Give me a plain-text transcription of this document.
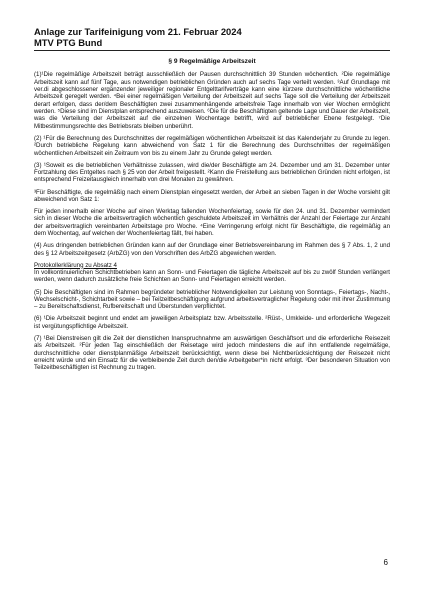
Anlage zur Tarifeinigung vom 21. Februar 2024
MTV PTG Bund

§ 9 Regelmäßige Arbeitszeit

(1)¹Die regelmäßige Arbeitszeit beträgt ausschließlich der Pausen durchschnittlich 39 Stunden wöchentlich. ²Die regelmäßige Arbeitszeit kann auf fünf Tage, aus notwendigen betrieblichen Gründen auch auf sechs Tage verteilt werden. ³Auf Grundlage mit ver.di abgeschlossener ergänzender jeweiliger regionaler Entgelttarifverträge kann eine kürzere durchschnittliche wöchentliche Arbeitszeit geregelt werden. ⁴Bei einer regelmäßigen Verteilung der Arbeitszeit auf sechs Tage soll die Verteilung der Arbeitszeit derart erfolgen, dass der/dem Beschäftigten zwei zusammenhängende arbeitsfreie Tage innerhalb von vier Wochen ermöglicht werden. ⁵Diese sind im Dienstplan entsprechend auszuweisen. ⁶Die für die Beschäftigten geltende Lage und Dauer der Arbeitszeit, was die Verteilung der Arbeitszeit auf die einzelnen Wochentage betrifft, wird auf betrieblicher Ebene festgelegt. ⁷Die Mitbestimmungsrechte des Betriebsrats bleiben unberührt.

(2) ¹Für die Berechnung des Durchschnittes der regelmäßigen wöchentlichen Arbeitszeit ist das Kalenderjahr zu Grunde zu legen. ²Durch betriebliche Regelung kann abweichend von Satz 1 für die Berechnung des Durchschnittes der regelmäßigen wöchentlichen Arbeitszeit ein Zeitraum von bis zu einem Jahr zu Grunde gelegt werden.

(3) ¹Soweit es die betrieblichen Verhältnisse zulassen, wird die/der Beschäftigte am 24. Dezember und am 31. Dezember unter Fortzahlung des Entgeltes nach § 25 von der Arbeit freigestellt. ²Kann die Freistellung aus betrieblichen Gründen nicht erfolgen, ist entsprechend Freizeitausgleich innerhalb von drei Monaten zu gewähren.

³Für Beschäftigte, die regelmäßig nach einem Dienstplan eingesetzt werden, der Arbeit an sieben Tagen in der Woche vorsieht gilt abweichend von Satz 1:

Für jeden innerhalb einer Woche auf einen Werktag fallenden Wochenfeiertag, sowie für den 24. und 31. Dezember vermindert sich in dieser Woche die arbeitsvertraglich wöchentlich geschuldete Arbeitszeit im Verhältnis der Anzahl der Feiertage zur Anzahl der arbeitsvertraglich vereinbarten Arbeitstage pro Woche. ⁴Eine Verringerung erfolgt nicht für Beschäftigte, die regelmäßig an dem Wochentag, auf welchen der Wochenfeiertag fällt, frei haben.

(4) Aus dringenden betrieblichen Gründen kann auf der Grundlage einer Betriebsvereinbarung im Rahmen des § 7 Abs. 1, 2 und des § 12 Arbeitszeitgesetz (ArbZG) von den Vorschriften des ArbZG abgewichen werden.

Protokollerklärung zu Absatz 4

In vollkontinuierlichen Schichtbetrieben kann an Sonn- und Feiertagen die tägliche Arbeitszeit auf bis zu zwölf Stunden verlängert werden, wenn dadurch zusätzliche freie Schichten an Sonn- und Feiertagen erreicht werden.

(5) Die Beschäftigten sind im Rahmen begründeter betrieblicher Notwendigkeiten zur Leistung von Sonntags-, Feiertags-, Nacht-, Wechselschicht-, Schichtarbeit sowie – bei Teilzeitbeschäftigung aufgrund arbeitsvertraglicher Regelung oder mit ihrer Zustimmung – zu Bereitschaftsdienst, Rufbereitschaft und Überstunden verpflichtet.

(6) ¹Die Arbeitszeit beginnt und endet am jeweiligen Arbeitsplatz bzw. Arbeitsstelle. ²Rüst-, Umkleide- und erforderliche Wegezeit ist vergütungspflichtige Arbeitszeit.

(7) ¹Bei Dienstreisen gilt die Zeit der dienstlichen Inanspruchnahme am auswärtigen Geschäftsort und die erforderliche Reisezeit als Arbeitszeit. ²Für jeden Tag einschließlich der Reisetage wird jedoch mindestens die auf ihn entfallende regelmäßige, durchschnittliche oder dienstplanmäßige Arbeitszeit berücksichtigt, wenn diese bei Nichtberücksichtigung der Reisezeit nicht erreicht würde und ein Einsatz für die verbleibende Zeit durch den/die Arbeitgeber*in nicht erfolgt. ³Der besonderen Situation von Teilzeitbeschäftigten ist Rechnung zu tragen.

6
